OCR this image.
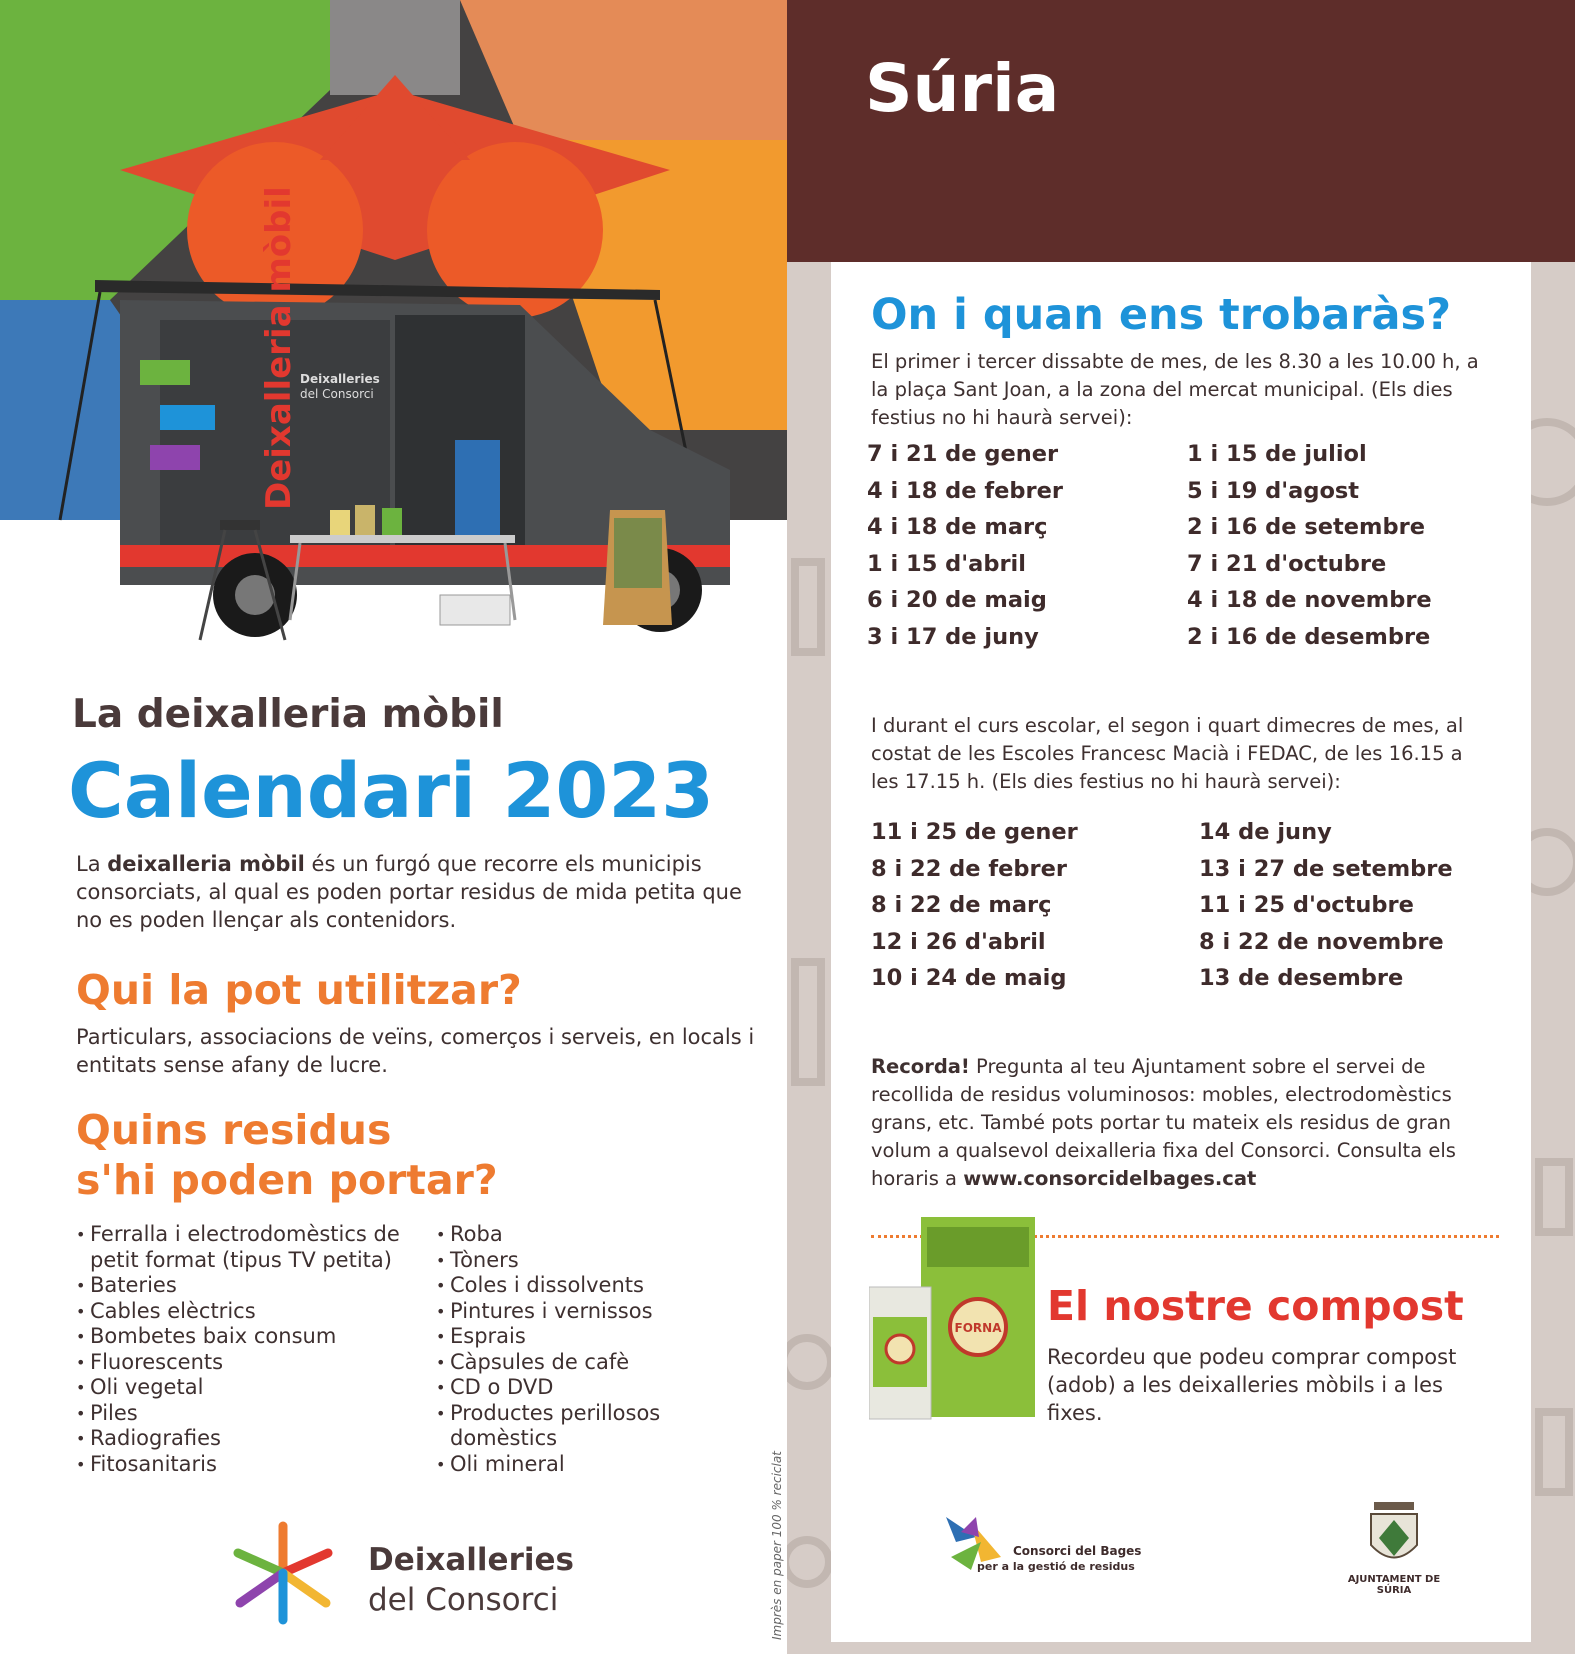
Deixalleria mòbil Deixalleries
del Consorci
La deixalleria mòbil
Calendari 2023

La deixalleria mòbil és un furgó que recorre els municipis consorciats, al qual es poden portar residus de mida petita que no es poden llençar als contenidors.

Qui la pot utilitzar?

Particulars, associacions de veïns, comerços i serveis, en locals i entitats sense afany de lucre.

Quins residus
s'hi poden portar?
• Ferralla i electrodomèstics de petit format (tipus TV petita)
• Bateries
• Cables elèctrics
• Bombetes baix consum
• Fluorescents
• Oli vegetal
• Piles
• Radiografies
• Fitosanitaris
• Roba
• Tòners
• Coles i dissolvents
• Pintures i vernissos
• Esprais
• Càpsules de cafè
• CD o DVD
• Productes perillosos domèstics
• Oli mineral
Deixalleries
del Consorci	Imprès en paper 100 % reciclat
Súria
On i quan ens trobaràs?

El primer i tercer dissabte de mes, de les 8.30 a les 10.00 h, a la plaça Sant Joan, a la zona del mercat municipal. (Els dies festius no hi haurà servei):

7 i 21 de gener
4 i 18 de febrer
4 i 18 de març
1 i 15 d'abril
6 i 20 de maig
3 i 17 de juny
1 i 15 de juliol
5 i 19 d'agost
2 i 16 de setembre
7 i 21 d'octubre
4 i 18 de novembre
2 i 16 de desembre

I durant el curs escolar, el segon i quart dimecres de mes, al costat de les Escoles Francesc Macià i FEDAC, de les 16.15 a les 17.15 h. (Els dies festius no hi haurà servei):

11 i 25 de gener
8 i 22 de febrer
8 i 22 de març
12 i 26 d'abril
10 i 24 de maig
14 de juny
13 i 27 de setembre
11 i 25 d'octubre
8 i 22 de novembre
13 de desembre

Recorda! Pregunta al teu Ajuntament sobre el servei de recollida de residus voluminosos: mobles, electrodomèstics grans, etc. També pots portar tu mateix els residus de gran volum a qualsevol deixalleria fixa del Consorci. Consulta els horaris a www.consorcidelbages.cat

FORNA El nostre compost

Recordeu que podeu comprar compost (adob) a les deixalleries mòbils i a les fixes.

Consorci del Bages
per a la gestió de residus
AJUNTAMENT DE SÚRIA
